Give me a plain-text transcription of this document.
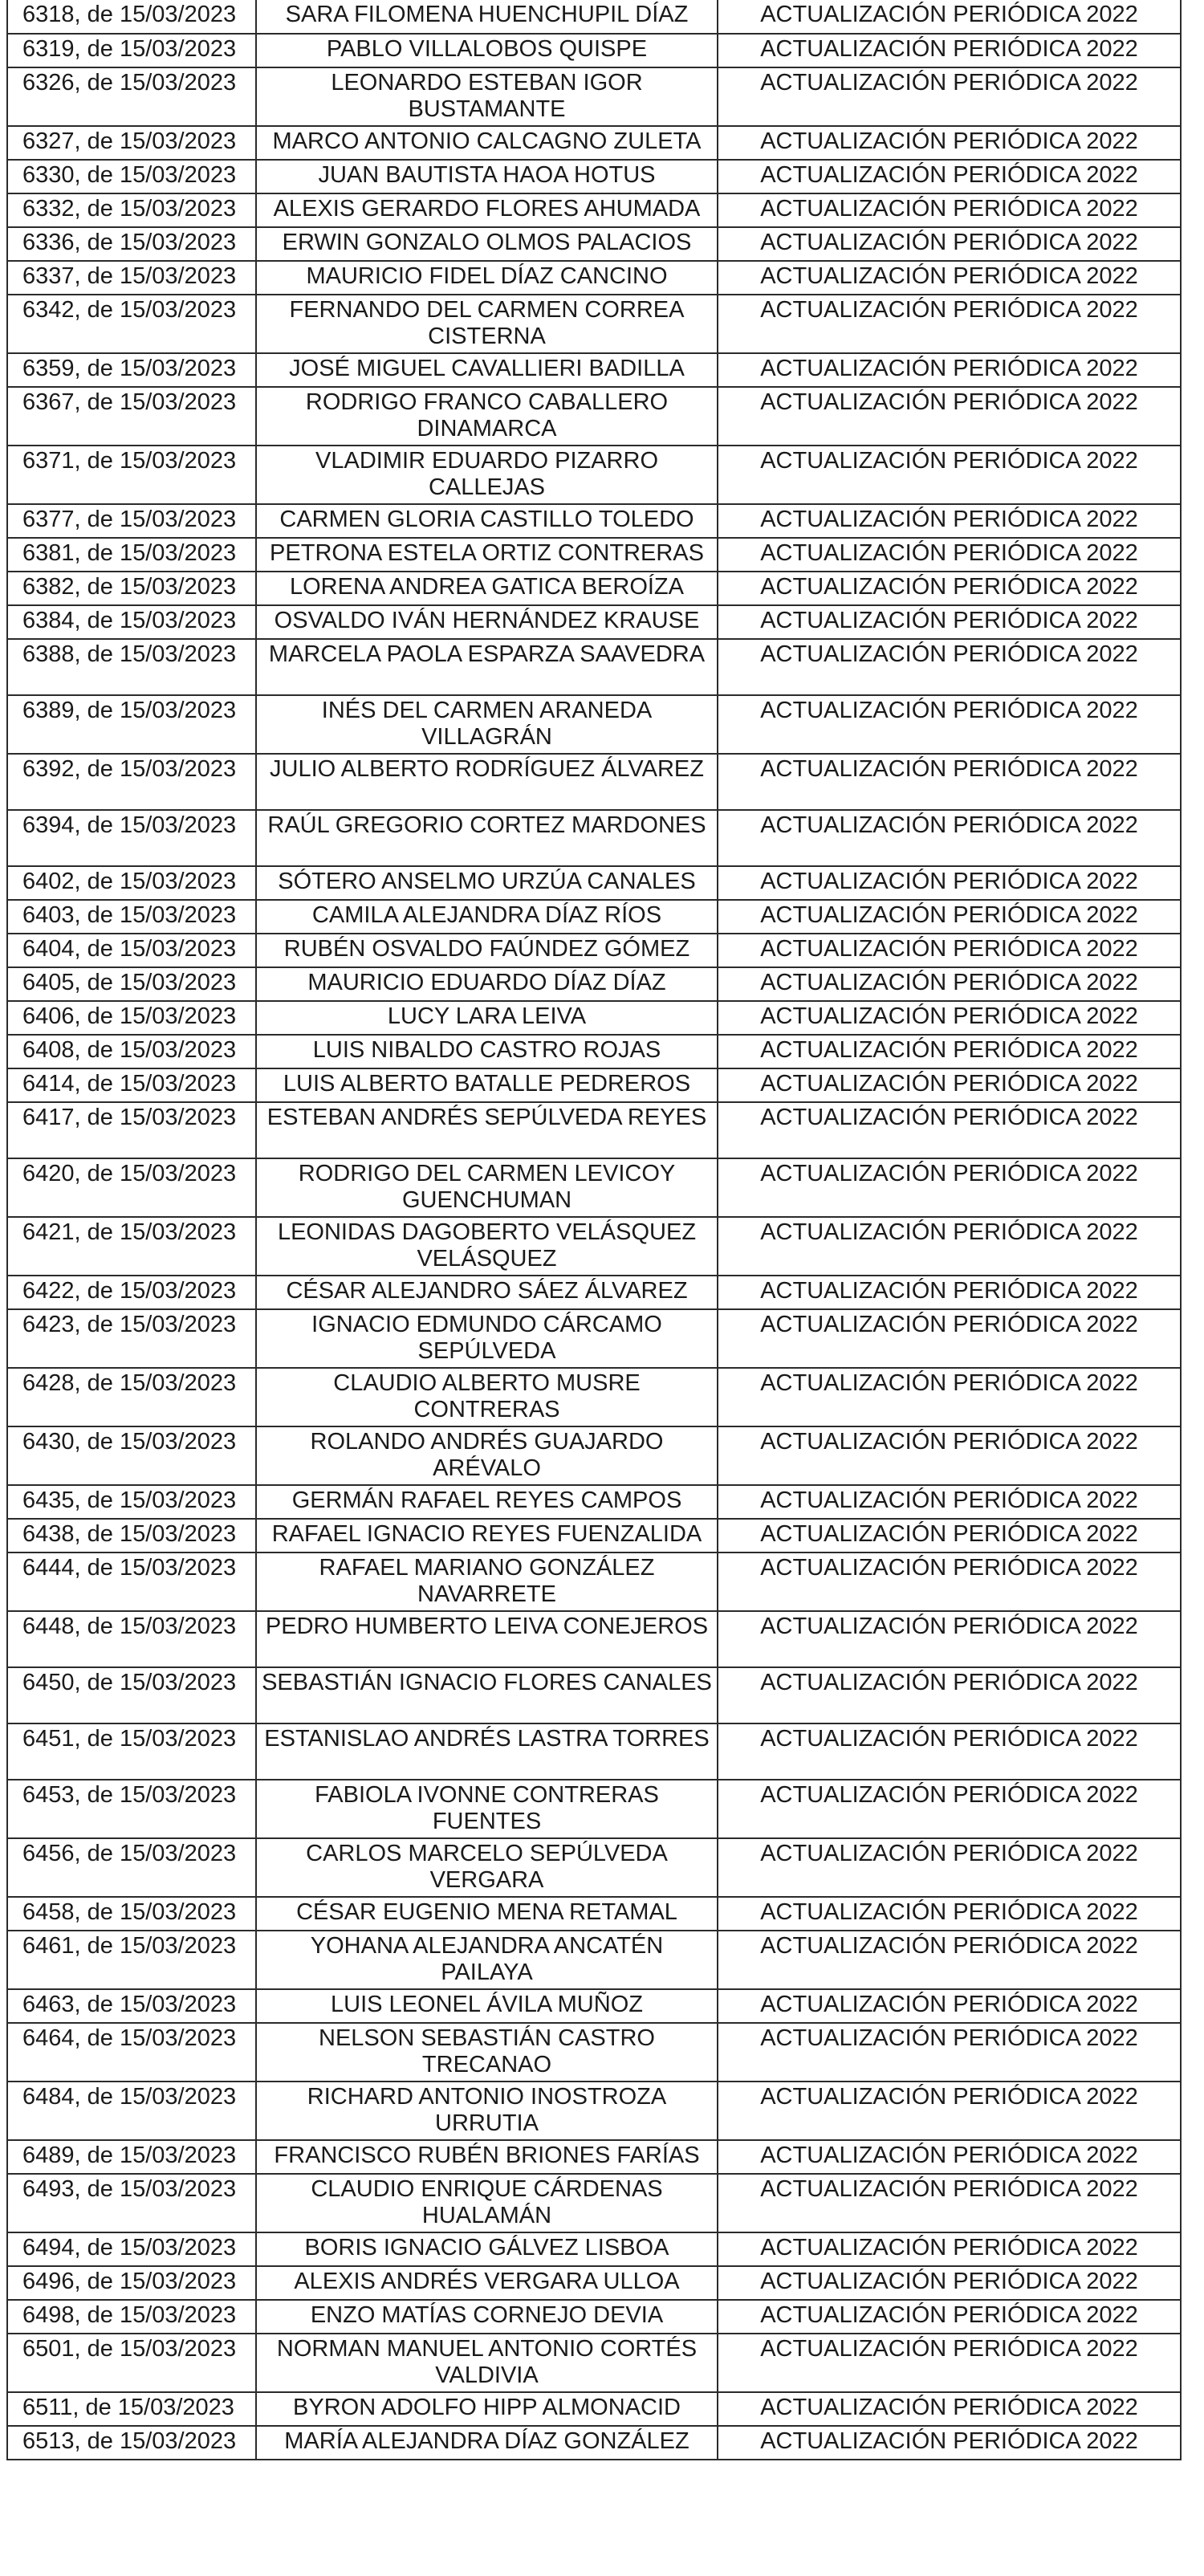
6318, de 15/03/2023	SARA FILOMENA HUENCHUPIL DÍAZ	ACTUALIZACIÓN PERIÓDICA 2022
6319, de 15/03/2023	PABLO VILLALOBOS QUISPE	ACTUALIZACIÓN PERIÓDICA 2022
6326, de 15/03/2023	LEONARDO ESTEBAN IGOR BUSTAMANTE	ACTUALIZACIÓN PERIÓDICA 2022
6327, de 15/03/2023	MARCO ANTONIO CALCAGNO ZULETA	ACTUALIZACIÓN PERIÓDICA 2022
6330, de 15/03/2023	JUAN BAUTISTA HAOA HOTUS	ACTUALIZACIÓN PERIÓDICA 2022
6332, de 15/03/2023	ALEXIS GERARDO FLORES AHUMADA	ACTUALIZACIÓN PERIÓDICA 2022
6336, de 15/03/2023	ERWIN GONZALO OLMOS PALACIOS	ACTUALIZACIÓN PERIÓDICA 2022
6337, de 15/03/2023	MAURICIO FIDEL DÍAZ CANCINO	ACTUALIZACIÓN PERIÓDICA 2022
6342, de 15/03/2023	FERNANDO DEL CARMEN CORREA CISTERNA	ACTUALIZACIÓN PERIÓDICA 2022
6359, de 15/03/2023	JOSÉ MIGUEL CAVALLIERI BADILLA	ACTUALIZACIÓN PERIÓDICA 2022
6367, de 15/03/2023	RODRIGO FRANCO CABALLERO DINAMARCA	ACTUALIZACIÓN PERIÓDICA 2022
6371, de 15/03/2023	VLADIMIR EDUARDO PIZARRO CALLEJAS	ACTUALIZACIÓN PERIÓDICA 2022
6377, de 15/03/2023	CARMEN GLORIA CASTILLO TOLEDO	ACTUALIZACIÓN PERIÓDICA 2022
6381, de 15/03/2023	PETRONA ESTELA ORTIZ CONTRERAS	ACTUALIZACIÓN PERIÓDICA 2022
6382, de 15/03/2023	LORENA ANDREA GATICA BEROÍZA	ACTUALIZACIÓN PERIÓDICA 2022
6384, de 15/03/2023	OSVALDO IVÁN HERNÁNDEZ KRAUSE	ACTUALIZACIÓN PERIÓDICA 2022
6388, de 15/03/2023	MARCELA PAOLA ESPARZA SAAVEDRA	ACTUALIZACIÓN PERIÓDICA 2022
6389, de 15/03/2023	INÉS DEL CARMEN ARANEDA VILLAGRÁN	ACTUALIZACIÓN PERIÓDICA 2022
6392, de 15/03/2023	JULIO ALBERTO RODRÍGUEZ ÁLVAREZ	ACTUALIZACIÓN PERIÓDICA 2022
6394, de 15/03/2023	RAÚL GREGORIO CORTEZ MARDONES	ACTUALIZACIÓN PERIÓDICA 2022
6402, de 15/03/2023	SÓTERO ANSELMO URZÚA CANALES	ACTUALIZACIÓN PERIÓDICA 2022
6403, de 15/03/2023	CAMILA ALEJANDRA DÍAZ RÍOS	ACTUALIZACIÓN PERIÓDICA 2022
6404, de 15/03/2023	RUBÉN OSVALDO FAÚNDEZ GÓMEZ	ACTUALIZACIÓN PERIÓDICA 2022
6405, de 15/03/2023	MAURICIO EDUARDO DÍAZ DÍAZ	ACTUALIZACIÓN PERIÓDICA 2022
6406, de 15/03/2023	LUCY LARA LEIVA	ACTUALIZACIÓN PERIÓDICA 2022
6408, de 15/03/2023	LUIS NIBALDO CASTRO ROJAS	ACTUALIZACIÓN PERIÓDICA 2022
6414, de 15/03/2023	LUIS ALBERTO BATALLE PEDREROS	ACTUALIZACIÓN PERIÓDICA 2022
6417, de 15/03/2023	ESTEBAN ANDRÉS SEPÚLVEDA REYES	ACTUALIZACIÓN PERIÓDICA 2022
6420, de 15/03/2023	RODRIGO DEL CARMEN LEVICOY GUENCHUMAN	ACTUALIZACIÓN PERIÓDICA 2022
6421, de 15/03/2023	LEONIDAS DAGOBERTO VELÁSQUEZ VELÁSQUEZ	ACTUALIZACIÓN PERIÓDICA 2022
6422, de 15/03/2023	CÉSAR ALEJANDRO SÁEZ ÁLVAREZ	ACTUALIZACIÓN PERIÓDICA 2022
6423, de 15/03/2023	IGNACIO EDMUNDO CÁRCAMO SEPÚLVEDA	ACTUALIZACIÓN PERIÓDICA 2022
6428, de 15/03/2023	CLAUDIO ALBERTO MUSRE CONTRERAS	ACTUALIZACIÓN PERIÓDICA 2022
6430, de 15/03/2023	ROLANDO ANDRÉS GUAJARDO ARÉVALO	ACTUALIZACIÓN PERIÓDICA 2022
6435, de 15/03/2023	GERMÁN RAFAEL REYES CAMPOS	ACTUALIZACIÓN PERIÓDICA 2022
6438, de 15/03/2023	RAFAEL IGNACIO REYES FUENZALIDA	ACTUALIZACIÓN PERIÓDICA 2022
6444, de 15/03/2023	RAFAEL MARIANO GONZÁLEZ NAVARRETE	ACTUALIZACIÓN PERIÓDICA 2022
6448, de 15/03/2023	PEDRO HUMBERTO LEIVA CONEJEROS	ACTUALIZACIÓN PERIÓDICA 2022
6450, de 15/03/2023	SEBASTIÁN IGNACIO FLORES CANALES	ACTUALIZACIÓN PERIÓDICA 2022
6451, de 15/03/2023	ESTANISLAO ANDRÉS LASTRA TORRES	ACTUALIZACIÓN PERIÓDICA 2022
6453, de 15/03/2023	FABIOLA IVONNE CONTRERAS FUENTES	ACTUALIZACIÓN PERIÓDICA 2022
6456, de 15/03/2023	CARLOS MARCELO SEPÚLVEDA VERGARA	ACTUALIZACIÓN PERIÓDICA 2022
6458, de 15/03/2023	CÉSAR EUGENIO MENA RETAMAL	ACTUALIZACIÓN PERIÓDICA 2022
6461, de 15/03/2023	YOHANA ALEJANDRA ANCATÉN PAILAYA	ACTUALIZACIÓN PERIÓDICA 2022
6463, de 15/03/2023	LUIS LEONEL ÁVILA MUÑOZ	ACTUALIZACIÓN PERIÓDICA 2022
6464, de 15/03/2023	NELSON SEBASTIÁN CASTRO TRECANAO	ACTUALIZACIÓN PERIÓDICA 2022
6484, de 15/03/2023	RICHARD ANTONIO INOSTROZA URRUTIA	ACTUALIZACIÓN PERIÓDICA 2022
6489, de 15/03/2023	FRANCISCO RUBÉN BRIONES FARÍAS	ACTUALIZACIÓN PERIÓDICA 2022
6493, de 15/03/2023	CLAUDIO ENRIQUE CÁRDENAS HUALAMÁN	ACTUALIZACIÓN PERIÓDICA 2022
6494, de 15/03/2023	BORIS IGNACIO GÁLVEZ LISBOA	ACTUALIZACIÓN PERIÓDICA 2022
6496, de 15/03/2023	ALEXIS ANDRÉS VERGARA ULLOA	ACTUALIZACIÓN PERIÓDICA 2022
6498, de 15/03/2023	ENZO MATÍAS CORNEJO DEVIA	ACTUALIZACIÓN PERIÓDICA 2022
6501, de 15/03/2023	NORMAN MANUEL ANTONIO CORTÉS VALDIVIA	ACTUALIZACIÓN PERIÓDICA 2022
6511, de 15/03/2023	BYRON ADOLFO HIPP ALMONACID	ACTUALIZACIÓN PERIÓDICA 2022
6513, de 15/03/2023	MARÍA ALEJANDRA DÍAZ GONZÁLEZ	ACTUALIZACIÓN PERIÓDICA 2022
